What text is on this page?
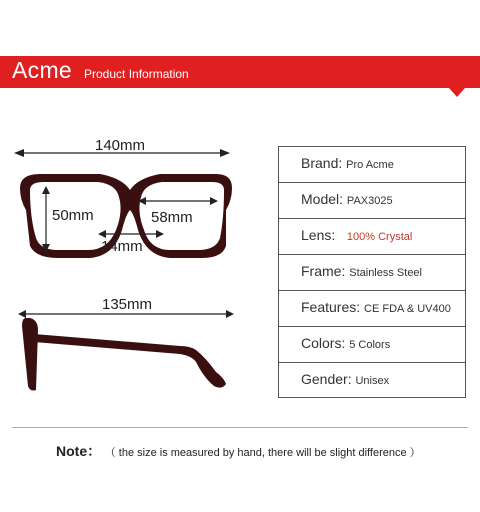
Acme Product Information
140mm
50mm	58mm
14mm
135mm
Brand: Pro Acme
Model: PAX3025
Lens: 100% Crystal
Frame: Stainless Steel
Features: CE FDA & UV400
Colors: 5 Colors
Gender: Unisex
Note： （ the size is measured by hand, there will be slight difference ）
